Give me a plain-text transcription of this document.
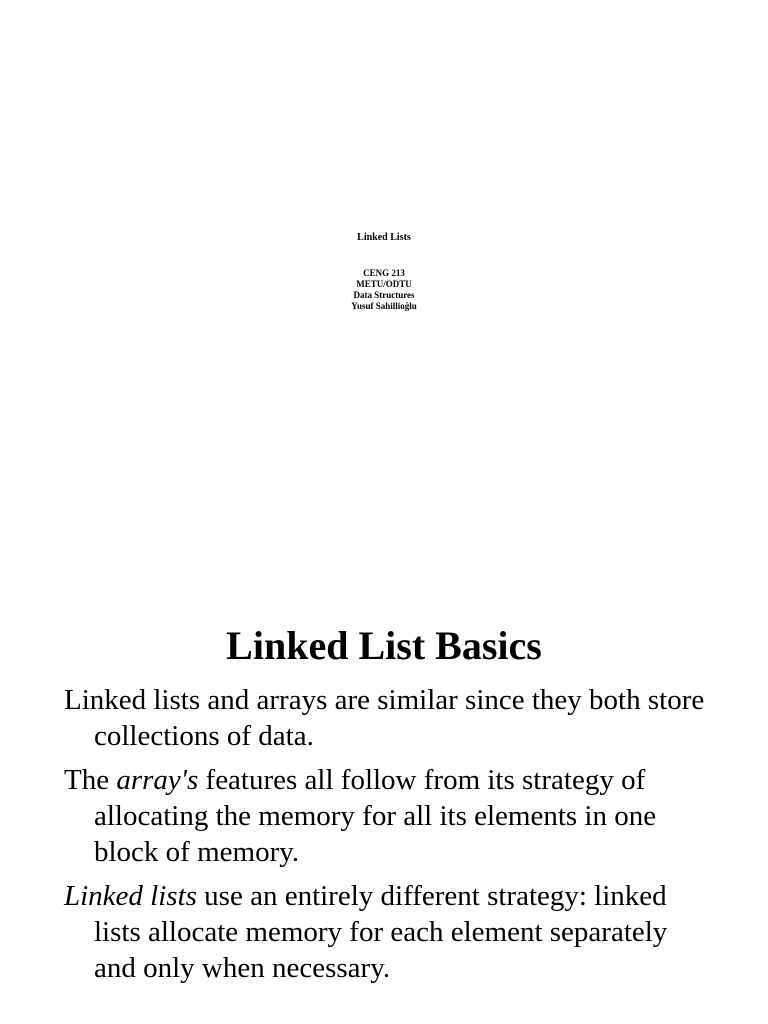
Linked Lists

CENG 213

METU/ODTU

Data Structures

Yusuf Sahillioğlu

Linked List Basics

Linked lists and arrays are similar since they both store collections of data.

The array's features all follow from its strategy of allocating the memory for all its elements in one block of memory.

Linked lists use an entirely different strategy: linked lists allocate memory for each element separately and only when necessary.
